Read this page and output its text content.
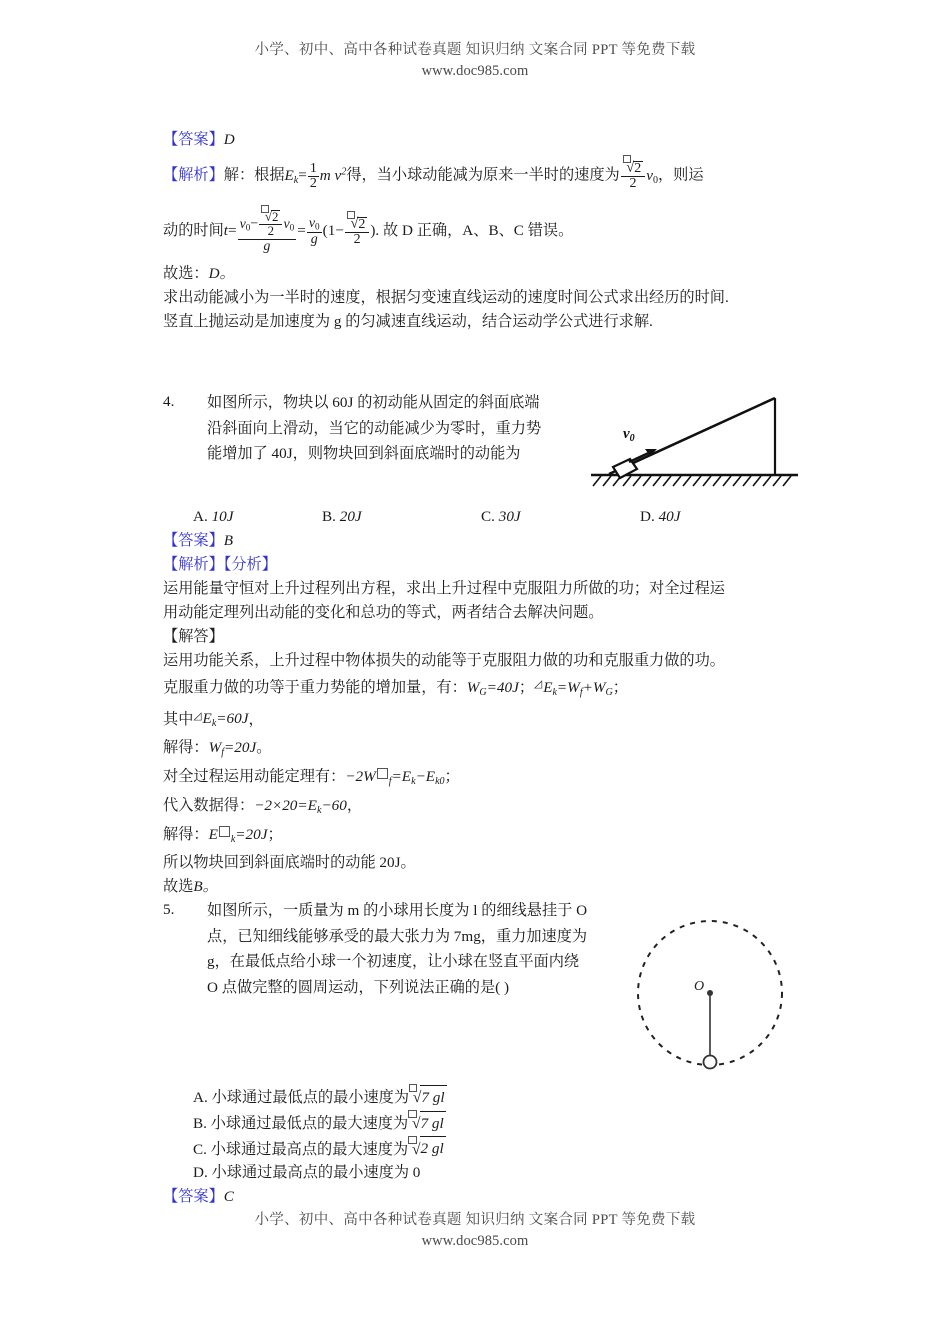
小学、初中、高中各种试卷真题 知识归纳 文案合同 PPT 等免费下载
www.doc985.com
【答案】D
【解析】解：根据$E_k= \frac{1}{2}$ m $v^2$得，当小球动能减为原来一半时的速度为 $\frac{√2}{2} v0$，则运
动的时间$t= \frac{v0- \frac{√2}{2} v0}{g} = \frac{v0}{g} (1- \frac{√2}{2}$ ). 故 D 正确，A、B、C 错误。
故选：D。
求出动能减小为一半时的速度，根据匀变速直线运动的速度时间公式求出经历的时间.
竖直上抛运动是加速度为 g 的匀减速直线运动，结合运动学公式进行求解.
4.	如图所示，物块以 60J 的初动能从固定的斜面底端
沿斜面向上滑动，当它的动能减少为零时，重力势
能增加了 40J，则物块回到斜面底端时的动能为
$v_0$
A. 10J	B. 20J	C. 30J	D. 40J
【答案】B
【解析】【分析】
运用能量守恒对上升过程列出方程，求出上升过程中克服阻力所做的功；对全过程运
用动能定理列出动能的变化和总功的等式，两者结合去解决问题。
【解答】
运用功能关系，上升过程中物体损失的动能等于克服阻力做的功和克服重力做的功。
克服重力做的功等于重力势能的增加量，有：$W_G=40J$；$◿E_k=W_f+W_G$；
其中$◿E_k=60J$，
解得：$W_f=20J$。
对全过程运用动能定理有：−2W $_f=E_k-E_{k0}$；
代入数据得：$-2\times 20=E_k-60$，
解得：E $_k$=20J；
所以物块回到斜面底端时的动能 20J。
故选B。
5.	如图所示，一质量为 m 的小球用长度为 l 的细线悬挂于 O
点，已知细线能够承受的最大张力为 7mg，重力加速度为
g，在最低点给小球一个初速度，让小球在竖直平面内绕
O 点做完整的圆周运动，下列说法正确的是( )	O
A. 小球通过最低点的最小速度为 √7 gl
B. 小球通过最低点的最大速度为 √7 gl
C. 小球通过最高点的最大速度为 √2 gl
D. 小球通过最高点的最小速度为 0
【答案】C
小学、初中、高中各种试卷真题 知识归纳 文案合同 PPT 等免费下载
www.doc985.com
